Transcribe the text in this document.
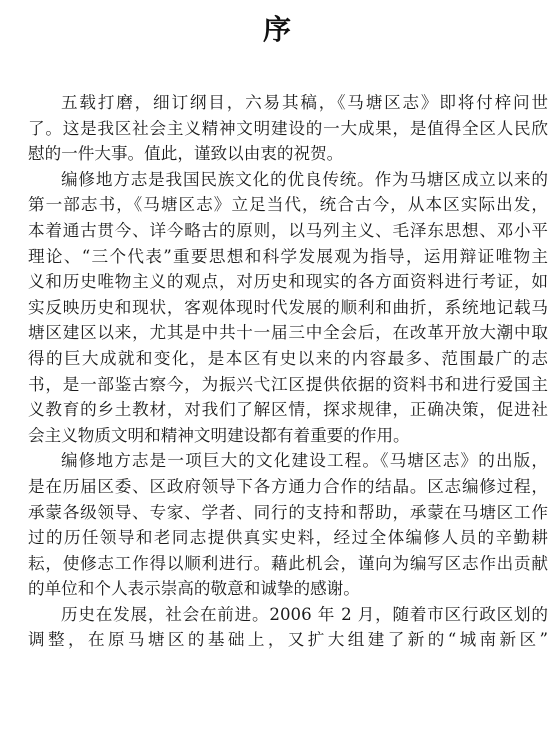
序
五载打磨，细订纲目，六易其稿，《马塘区志》即将付梓问世
了。这是我区社会主义精神文明建设的一大成果，是值得全区人民欣
慰的一件大事。值此，谨致以由衷的祝贺。
编修地方志是我国民族文化的优良传统。作为马塘区成立以来的
第一部志书，《马塘区志》立足当代，统合古今，从本区实际出发，
本着通古贯今、详今略古的原则，以马列主义、毛泽东思想、邓小平
理论、“三个代表”重要思想和科学发展观为指导，运用辩证唯物主
义和历史唯物主义的观点，对历史和现实的各方面资料进行考证，如
实反映历史和现状，客观体现时代发展的顺利和曲折，系统地记载马
塘区建区以来，尤其是中共十一届三中全会后，在改革开放大潮中取
得的巨大成就和变化，是本区有史以来的内容最多、范围最广的志
书，是一部鉴古察今，为振兴弋江区提供依据的资料书和进行爱国主
义教育的乡土教材，对我们了解区情，探求规律，正确决策，促进社
会主义物质文明和精神文明建设都有着重要的作用。
编修地方志是一项巨大的文化建设工程。《马塘区志》的出版，
是在历届区委、区政府领导下各方通力合作的结晶。区志编修过程，
承蒙各级领导、专家、学者、同行的支持和帮助，承蒙在马塘区工作
过的历任领导和老同志提供真实史料，经过全体编修人员的辛勤耕
耘，使修志工作得以顺利进行。藉此机会，谨向为编写区志作出贡献
的单位和个人表示崇高的敬意和诚挚的感谢。
历史在发展，社会在前进。2006 年 2 月，随着市区行政区划的
调整，在原马塘区的基础上，又扩大组建了新的“城南新区”
